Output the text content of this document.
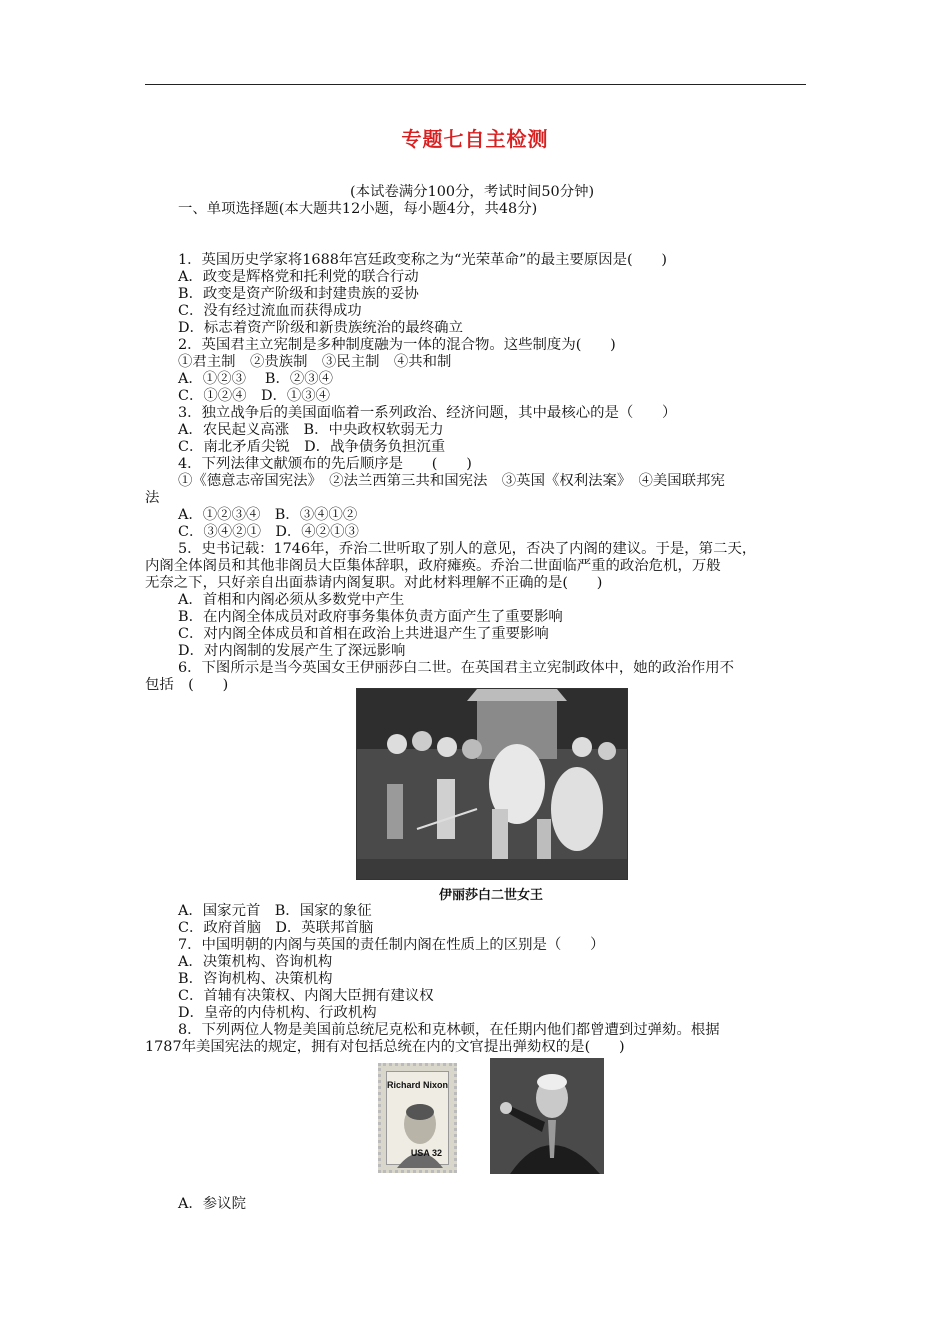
专题七自主检测
(本试卷满分100分，考试时间50分钟)
一、单项选择题(本大题共12小题，每小题4分，共48分)
1．英国历史学家将1688年宫廷政变称之为“光荣革命”的最主要原因是(　　)
A．政变是辉格党和托利党的联合行动
B．政变是资产阶级和封建贵族的妥协
C．没有经过流血而获得成功
D．标志着资产阶级和新贵族统治的最终确立
2．英国君主立宪制是多种制度融为一体的混合物。这些制度为(　　)
①君主制　②贵族制　③民主制　④共和制
A．①②③　 B．②③④
C．①②④　D．①③④
3．独立战争后的美国面临着一系列政治、经济问题，其中最核心的是（　　）
A．农民起义高涨　B．中央政权软弱无力
C．南北矛盾尖锐　D．战争债务负担沉重
4．下列法律文献颁布的先后顺序是　　(　　)
①《德意志帝国宪法》　②法兰西第三共和国宪法　③英国《权利法案》　④美国联邦宪
法
A．①②③④　B．③④①②
C．③④②①　D．④②①③
5．史书记载：1746年，乔治二世听取了别人的意见，否决了内阁的建议。于是，第二天，
内阁全体阁员和其他非阁员大臣集体辞职，政府瘫痪。乔治二世面临严重的政治危机，万般
无奈之下，只好亲自出面恭请内阁复职。对此材料理解不正确的是(　　)
A．首相和内阁必须从多数党中产生
B．在内阁全体成员对政府事务集体负责方面产生了重要影响
C．对内阁全体成员和首相在政治上共进退产生了重要影响
D．对内阁制的发展产生了深远影响
6．下图所示是当今英国女王伊丽莎白二世。在英国君主立宪制政体中，她的政治作用不
包括　(　　)
伊丽莎白二世女王
A．国家元首　B．国家的象征
C．政府首脑　D．英联邦首脑
7．中国明朝的内阁与英国的责任制内阁在性质上的区别是（　　）
A．决策机构、咨询机构
B．咨询机构、决策机构
C．首辅有决策权、内阁大臣拥有建议权
D．皇帝的内侍机构、行政机构
8．下列两位人物是美国前总统尼克松和克林顿，在任期内他们都曾遭到过弹劾。根据
1787年美国宪法的规定，拥有对包括总统在内的文官提出弹劾权的是(　　)
Richard Nixon
USA 32
A．参议院
